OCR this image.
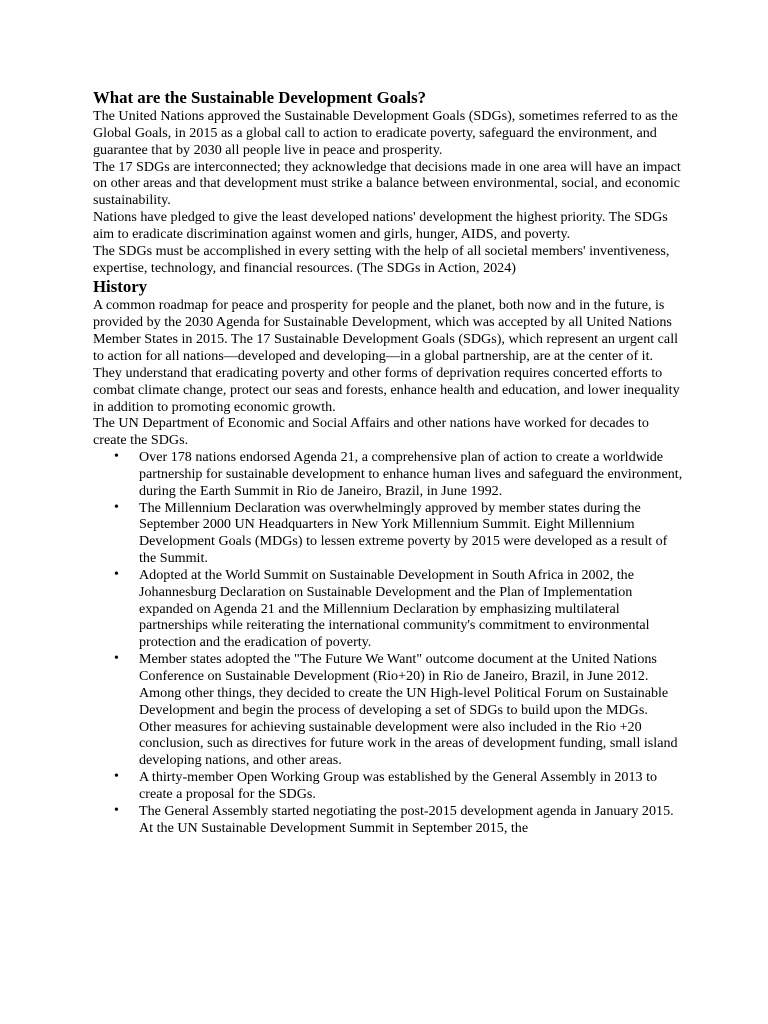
What are the Sustainable Development Goals?

The United Nations approved the Sustainable Development Goals (SDGs), sometimes referred to as the Global Goals, in 2015 as a global call to action to eradicate poverty, safeguard the environment, and guarantee that by 2030 all people live in peace and prosperity.

The 17 SDGs are interconnected; they acknowledge that decisions made in one area will have an impact on other areas and that development must strike a balance between environmental, social, and economic sustainability.

Nations have pledged to give the least developed nations' development the highest priority. The SDGs aim to eradicate discrimination against women and girls, hunger, AIDS, and poverty.

The SDGs must be accomplished in every setting with the help of all societal members' inventiveness, expertise, technology, and financial resources. (The SDGs in Action, 2024)

History

A common roadmap for peace and prosperity for people and the planet, both now and in the future, is provided by the 2030 Agenda for Sustainable Development, which was accepted by all United Nations Member States in 2015. The 17 Sustainable Development Goals (SDGs), which represent an urgent call to action for all nations—developed and developing—in a global partnership, are at the center of it. They understand that eradicating poverty and other forms of deprivation requires concerted efforts to combat climate change, protect our seas and forests, enhance health and education, and lower inequality in addition to promoting economic growth.

The UN Department of Economic and Social Affairs and other nations have worked for decades to create the SDGs.

• Over 178 nations endorsed Agenda 21, a comprehensive plan of action to create a worldwide partnership for sustainable development to enhance human lives and safeguard the environment, during the Earth Summit in Rio de Janeiro, Brazil, in June 1992.
• The Millennium Declaration was overwhelmingly approved by member states during the September 2000 UN Headquarters in New York Millennium Summit. Eight Millennium Development Goals (MDGs) to lessen extreme poverty by 2015 were developed as a result of the Summit.
• Adopted at the World Summit on Sustainable Development in South Africa in 2002, the Johannesburg Declaration on Sustainable Development and the Plan of Implementation expanded on Agenda 21 and the Millennium Declaration by emphasizing multilateral partnerships while reiterating the international community's commitment to environmental protection and the eradication of poverty.
• Member states adopted the "The Future We Want" outcome document at the United Nations Conference on Sustainable Development (Rio+20) in Rio de Janeiro, Brazil, in June 2012. Among other things, they decided to create the UN High-level Political Forum on Sustainable Development and begin the process of developing a set of SDGs to build upon the MDGs. Other measures for achieving sustainable development were also included in the Rio +20 conclusion, such as directives for future work in the areas of development funding, small island developing nations, and other areas.
• A thirty-member Open Working Group was established by the General Assembly in 2013 to create a proposal for the SDGs.
• The General Assembly started negotiating the post-2015 development agenda in January 2015. At the UN Sustainable Development Summit in September 2015, the
